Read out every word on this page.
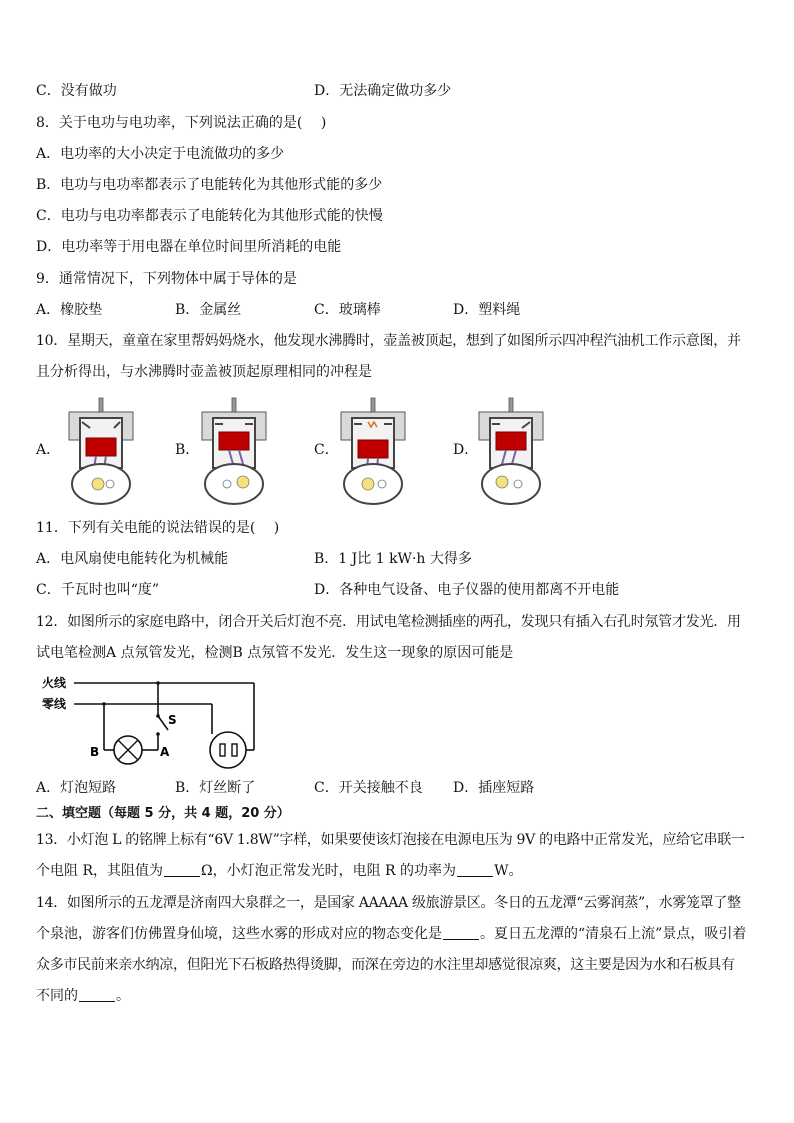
C．没有做功	D．无法确定做功多少
8．关于电功与电功率，下列说法正确的是(　 )
A．电功率的大小决定于电流做功的多少
B．电功与电功率都表示了电能转化为其他形式能的多少
C．电功与电功率都表示了电能转化为其他形式能的快慢
D．电功率等于用电器在单位时间里所消耗的电能
9．通常情况下，下列物体中属于导体的是
A．橡胶垫	B．金属丝	C．玻璃棒	D．塑料绳
10．星期天，童童在家里帮妈妈烧水，他发现水沸腾时，壶盖被顶起，想到了如图所示四冲程汽油机工作示意图，并
且分析得出，与水沸腾时壶盖被顶起原理相同的冲程是
A．	B．	C．	D．
11．下列有关电能的说法错误的是(　 )
A．电风扇使电能转化为机械能	B．1 J比 1 kW·h 大得多
C．千瓦时也叫“度”	D．各种电气设备、电子仪器的使用都离不开电能
12．如图所示的家庭电路中，闭合开关后灯泡不亮．用试电笔检测插座的两孔，发现只有插入右孔时氖管才发光．用
试电笔检测A 点氖管发光，检测B 点氖管不发光．发生这一现象的原因可能是
火线
零线
S
B	A
A．灯泡短路	B．灯丝断了	C．开关接触不良 D．插座短路
二、填空题（每题 5 分，共 4 题，20 分）
13．小灯泡 L 的铭牌上标有“6V 1.8W”字样，如果要使该灯泡接在电源电压为 9V 的电路中正常发光，应给它串联一
个电阻 R，其阻值为	Ω，小灯泡正常发光时，电阻 R 的功率为	W。
14．如图所示的五龙潭是济南四大泉群之一，是国家 AAAAA 级旅游景区。冬日的五龙潭“云雾润蒸”，水雾笼罩了整
个泉池，游客们仿佛置身仙境，这些水雾的形成对应的物态变化是	。夏日五龙潭的“清泉石上流”景点，吸引着
众多市民前来亲水纳凉，但阳光下石板路热得烫脚，而深在旁边的水注里却感觉很凉爽，这主要是因为水和石板具有
不同的	。
